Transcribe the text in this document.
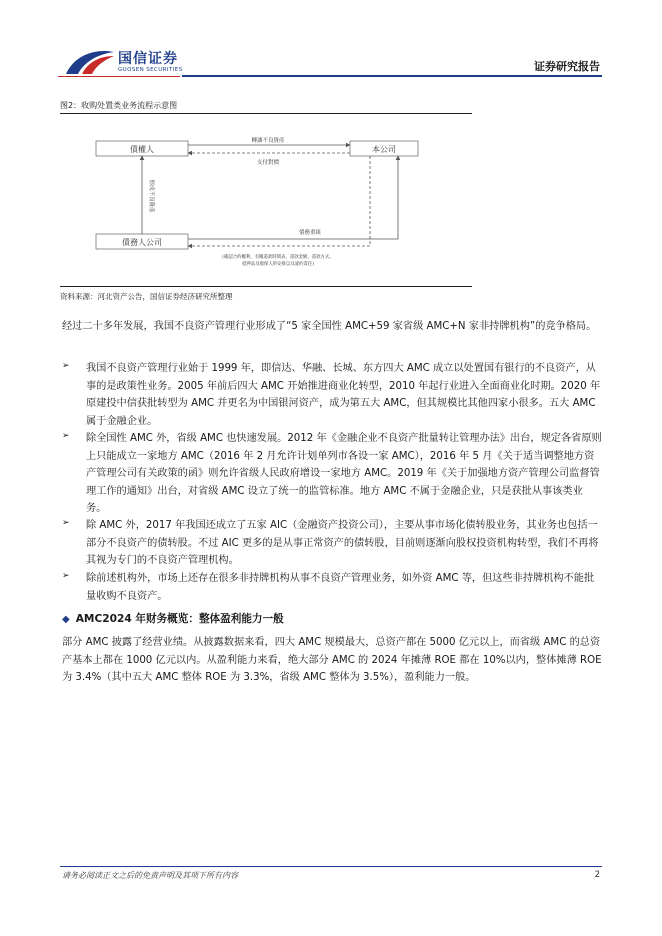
国信证券
GUOSEN SECURITIES	证券研究报告
图2：收购处置类业务流程示意图
債權人	本公司
債務人公司
轉讓不良資產
支付對價
形成不良資產
債務重組
(確認合約權利、有關還款時間表、還款金額、還款方式、
抵押品及擔保人的安排以及違約責任)
资料来源：河北资产公告，国信证券经济研究所整理

经过二十多年发展，我国不良资产管理行业形成了“5 家全国性 AMC+59 家省级 AMC+N 家非持牌机构”的竞争格局。

➢ 我国不良资产管理行业始于 1999 年，即信达、华融、长城、东方四大 AMC 成立以处置国有银行的不良资产，从事的是政策性业务。2005 年前后四大 AMC 开始推进商业化转型，2010 年起行业进入全面商业化时期。2020 年原建投中信获批转型为 AMC 并更名为中国银河资产，成为第五大 AMC，但其规模比其他四家小很多。五大 AMC 属于金融企业。

➢ 除全国性 AMC 外，省级 AMC 也快速发展。2012 年《金融企业不良资产批量转让管理办法》出台，规定各省原则上只能成立一家地方 AMC（2016 年 2 月允许计划单列市各设一家 AMC），2016 年 5 月《关于适当调整地方资产管理公司有关政策的函》则允许省级人民政府增设一家地方 AMC。2019 年《关于加强地方资产管理公司监督管理工作的通知》出台，对省级 AMC 设立了统一的监管标准。地方 AMC 不属于金融企业，只是获批从事该类业务。

➢ 除 AMC 外，2017 年我国还成立了五家 AIC（金融资产投资公司），主要从事市场化债转股业务，其业务也包括一部分不良资产的债转股。不过 AIC 更多的是从事正常资产的债转股，目前则逐渐向股权投资机构转型，我们不再将其视为专门的不良资产管理机构。

➢ 除前述机构外，市场上还存在很多非持牌机构从事不良资产管理业务，如外资 AMC 等，但这些非持牌机构不能批量收购不良资产。

◆ AMC2024 年财务概览：整体盈利能力一般

部分 AMC 披露了经营业绩。从披露数据来看，四大 AMC 规模最大，总资产都在 5000 亿元以上，而省级 AMC 的总资产基本上都在 1000 亿元以内。从盈利能力来看，绝大部分 AMC 的 2024 年摊薄 ROE 都在 10%以内，整体摊薄 ROE 为 3.4%（其中五大 AMC 整体 ROE 为 3.3%，省级 AMC 整体为 3.5%），盈利能力一般。

请务必阅读正文之后的免责声明及其项下所有内容	2
